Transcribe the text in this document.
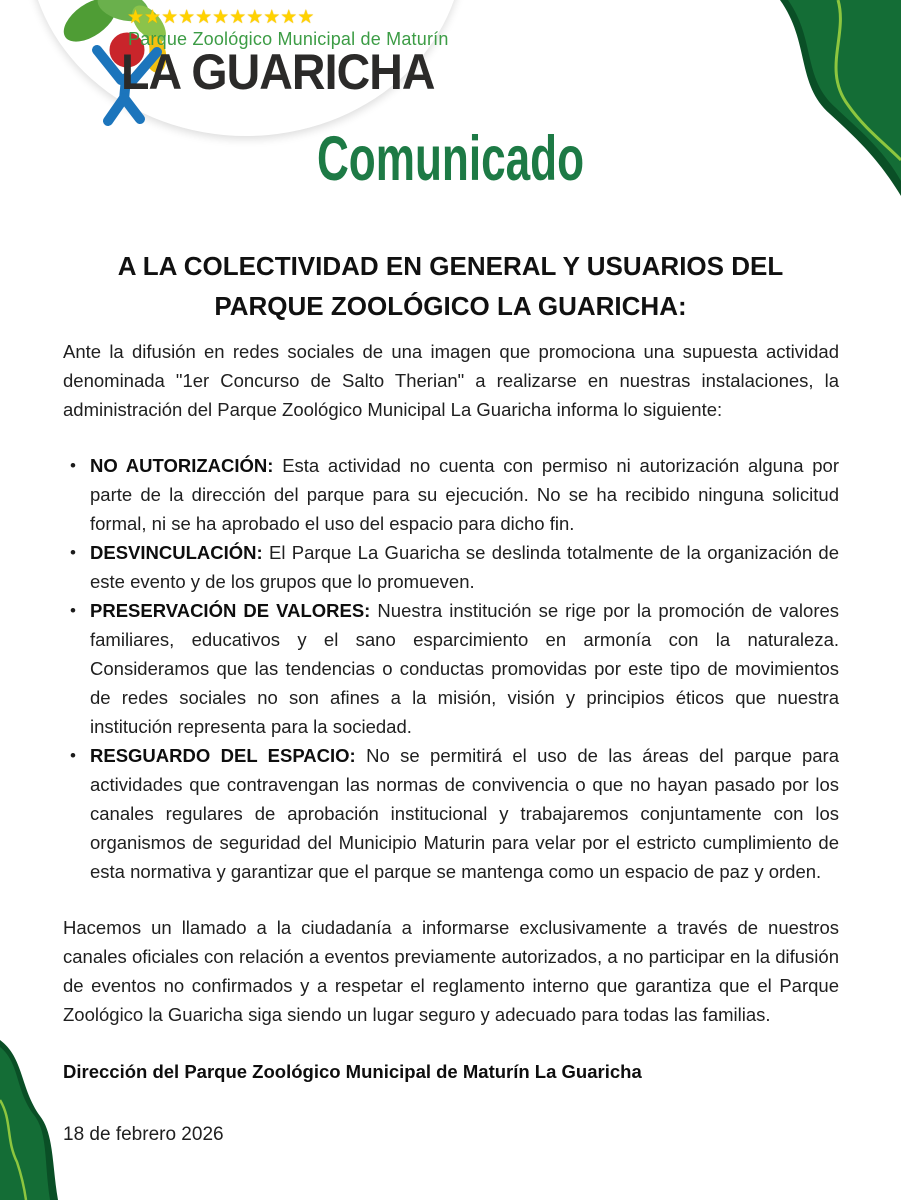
★★★★★★★★★★★
Parque Zoológico Municipal de Maturín
LA GUARICHA
Comunicado
A LA COLECTIVIDAD EN GENERAL Y USUARIOS DEL PARQUE ZOOLÓGICO LA GUARICHA:

Ante la difusión en redes sociales de una imagen que promociona una supuesta actividad denominada "1er Concurso de Salto Therian" a realizarse en nuestras instalaciones, la administración del Parque Zoológico Municipal La Guaricha informa lo siguiente:

• NO AUTORIZACIÓN: Esta actividad no cuenta con permiso ni autorización alguna por parte de la dirección del parque para su ejecución. No se ha recibido ninguna solicitud formal, ni se ha aprobado el uso del espacio para dicho fin.
• DESVINCULACIÓN: El Parque La Guaricha se deslinda totalmente de la organización de este evento y de los grupos que lo promueven.
• PRESERVACIÓN DE VALORES: Nuestra institución se rige por la promoción de valores familiares, educativos y el sano esparcimiento en armonía con la naturaleza. Consideramos que las tendencias o conductas promovidas por este tipo de movimientos de redes sociales no son afines a la misión, visión y principios éticos que nuestra institución representa para la sociedad.
• RESGUARDO DEL ESPACIO: No se permitirá el uso de las áreas del parque para actividades que contravengan las normas de convivencia o que no hayan pasado por los canales regulares de aprobación institucional y trabajaremos conjuntamente con los organismos de seguridad del Municipio Maturin para velar por el estricto cumplimiento de esta normativa y garantizar que el parque se mantenga como un espacio de paz y orden.

Hacemos un llamado a la ciudadanía a informarse exclusivamente a través de nuestros canales oficiales con relación a eventos previamente autorizados, a no participar en la difusión de eventos no confirmados y a respetar el reglamento interno que garantiza que el Parque Zoológico la Guaricha siga siendo un lugar seguro y adecuado para todas las familias.

Dirección del Parque Zoológico Municipal de Maturín La Guaricha

18 de febrero 2026
